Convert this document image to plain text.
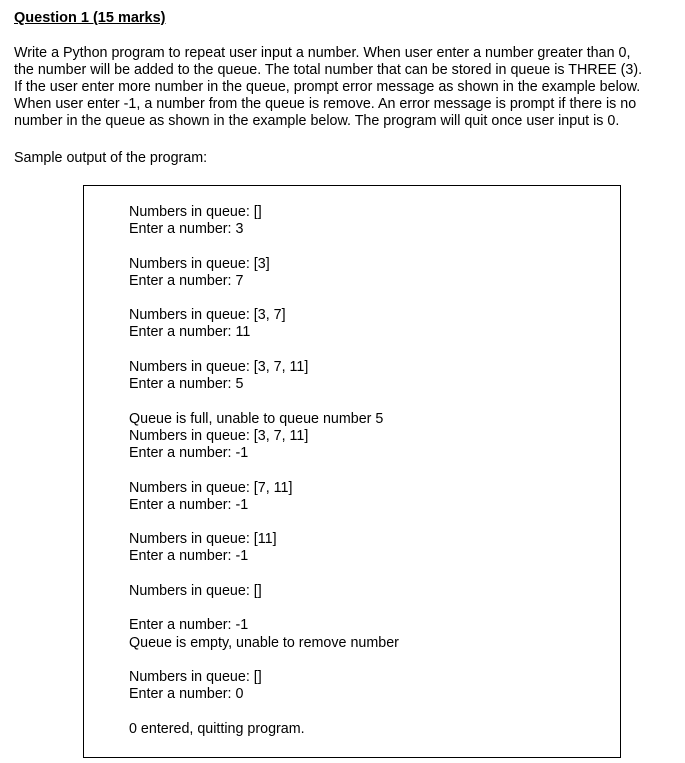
Question 1 (15 marks)

Write a Python program to repeat user input a number. When user enter a number greater than 0,
the number will be added to the queue. The total number that can be stored in queue is THREE (3).
If the user enter more number in the queue, prompt error message as shown in the example below.
When user enter -1, a number from the queue is remove. An error message is prompt if there is no
number in the queue as shown in the example below. The program will quit once user input is 0.

Sample output of the program:
Numbers in queue: []
Enter a number: 3
Numbers in queue: [3]
Enter a number: 7
Numbers in queue: [3, 7]
Enter a number: 11
Numbers in queue: [3, 7, 11]
Enter a number: 5
Queue is full, unable to queue number 5
Numbers in queue: [3, 7, 11]
Enter a number: -1
Numbers in queue: [7, 11]
Enter a number: -1
Numbers in queue: [11]
Enter a number: -1
Numbers in queue: []
Enter a number: -1
Queue is empty, unable to remove number
Numbers in queue: []
Enter a number: 0
0 entered, quitting program.
